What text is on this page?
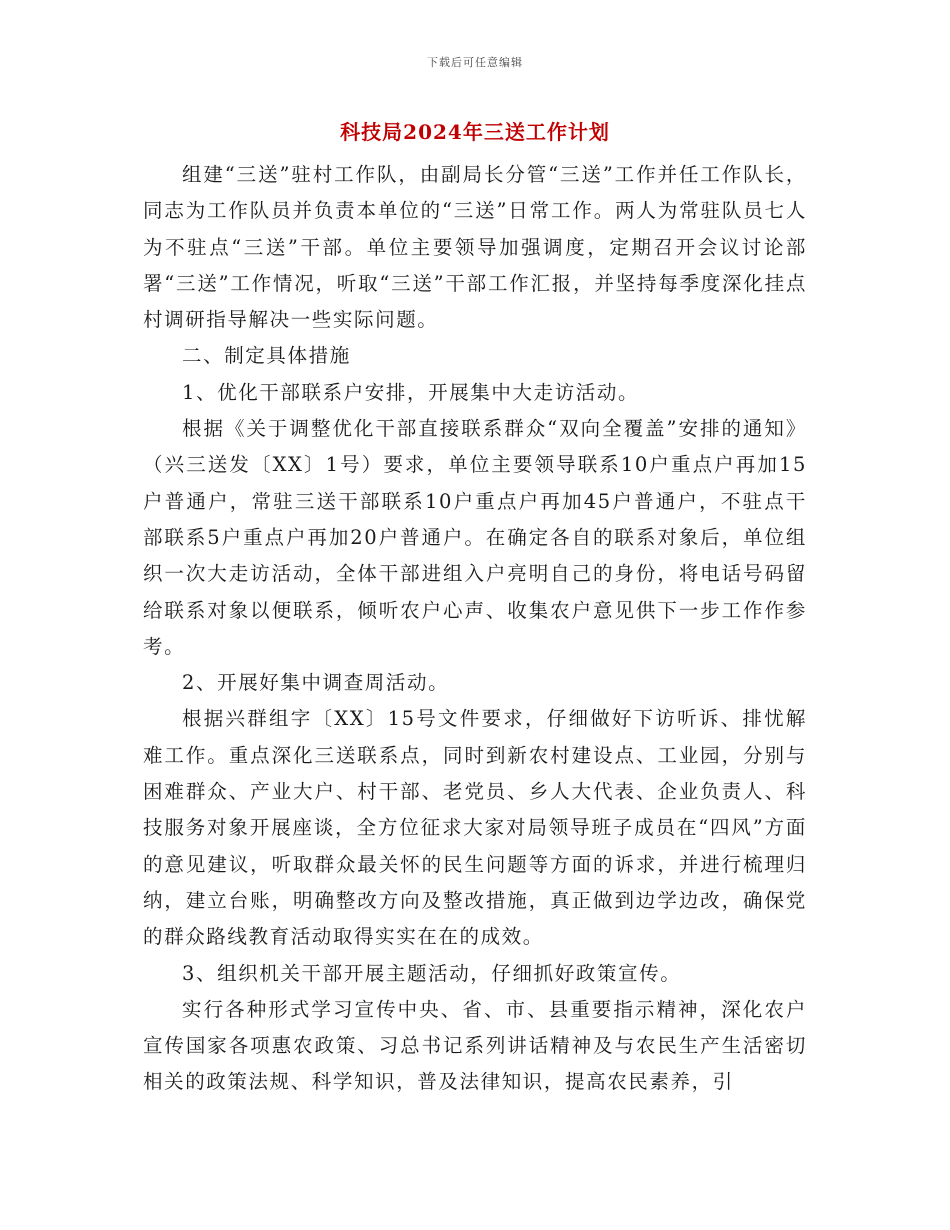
下载后可任意编辑
科技局2024年三送工作计划

组建“三送”驻村工作队，由副局长分管“三送”工作并任工作队长，同志为工作队员并负责本单位的“三送”日常工作。两人为常驻队员七人为不驻点“三送”干部。单位主要领导加强调度，定期召开会议讨论部署“三送”工作情况，听取“三送”干部工作汇报，并坚持每季度深化挂点村调研指导解决一些实际问题。

二、制定具体措施

1、优化干部联系户安排，开展集中大走访活动。

根据《关于调整优化干部直接联系群众“双向全覆盖”安排的通知》（兴三送发〔XX〕1号）要求，单位主要领导联系10户重点户再加15户普通户，常驻三送干部联系10户重点户再加45户普通户，不驻点干部联系5户重点户再加20户普通户。在确定各自的联系对象后，单位组织一次大走访活动，全体干部进组入户亮明自己的身份，将电话号码留给联系对象以便联系，倾听农户心声、收集农户意见供下一步工作作参考。

2、开展好集中调查周活动。

根据兴群组字〔XX〕15号文件要求，仔细做好下访听诉、排忧解难工作。重点深化三送联系点，同时到新农村建设点、工业园，分别与困难群众、产业大户、村干部、老党员、乡人大代表、企业负责人、科技服务对象开展座谈，全方位征求大家对局领导班子成员在“四风”方面的意见建议，听取群众最关怀的民生问题等方面的诉求，并进行梳理归纳，建立台账，明确整改方向及整改措施，真正做到边学边改，确保党的群众路线教育活动取得实实在在的成效。

3、组织机关干部开展主题活动，仔细抓好政策宣传。

实行各种形式学习宣传中央、省、市、县重要指示精神，深化农户宣传国家各项惠农政策、习总书记系列讲话精神及与农民生产生活密切相关的政策法规、科学知识，普及法律知识，提高农民素养，引
